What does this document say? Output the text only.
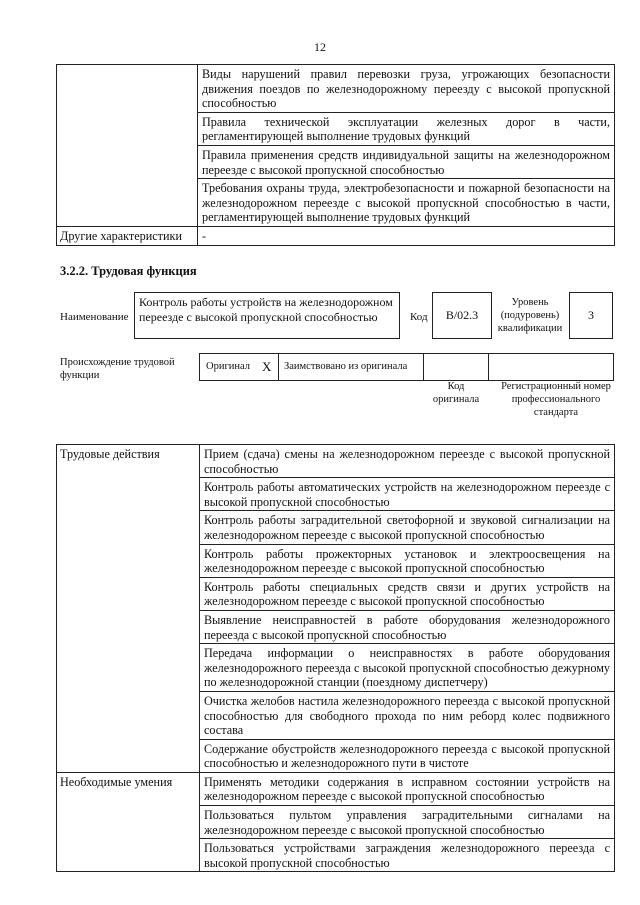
12
	Виды нарушений правил перевозки груза, угрожающих безопасности движения поездов по железнодорожному переезду с высокой пропускной способностью
	Правила технической эксплуатации железных дорог в части, регламентирующей выполнение трудовых функций
	Правила применения средств индивидуальной защиты на железнодорожном переезде с высокой пропускной способностью
	Требования охраны труда, электробезопасности и пожарной безопасности на железнодорожном переезде с высокой пропускной способностью в части, регламентирующей выполнение трудовых функций
Другие характеристики	-
3.2.2. Трудовая функция
Наименование
Контроль работы устройств на железнодорожном переезде с высокой пропускной способностью	Код	В/02.3
Уровень (подуровень) квалификации
3
Происхождение трудовой функции
Оригинал Х Заимствовано из оригинала
Код оригинала
Регистрационный номер профессионального стандарта
Трудовые действия	Прием (сдача) смены на железнодорожном переезде с высокой пропускной способностью
	Контроль работы автоматических устройств на железнодорожном переезде с высокой пропускной способностью
	Контроль работы заградительной светофорной и звуковой сигнализации на железнодорожном переезде с высокой пропускной способностью
	Контроль работы прожекторных установок и электроосвещения на железнодорожном переезде с высокой пропускной способностью
	Контроль работы специальных средств связи и других устройств на железнодорожном переезде с высокой пропускной способностью
	Выявление неисправностей в работе оборудования железнодорожного переезда с высокой пропускной способностью
	Передача информации о неисправностях в работе оборудования железнодорожного переезда с высокой пропускной способностью дежурному по железнодорожной станции (поездному диспетчеру)
	Очистка желобов настила железнодорожного переезда с высокой пропускной способностью для свободного прохода по ним реборд колес подвижного состава
	Содержание обустройств железнодорожного переезда с высокой пропускной способностью и железнодорожного пути в чистоте
Необходимые умения	Применять методики содержания в исправном состоянии устройств на железнодорожном переезде с высокой пропускной способностью
	Пользоваться пультом управления заградительными сигналами на железнодорожном переезде с высокой пропускной способностью
	Пользоваться устройствами заграждения железнодорожного переезда с высокой пропускной способностью
